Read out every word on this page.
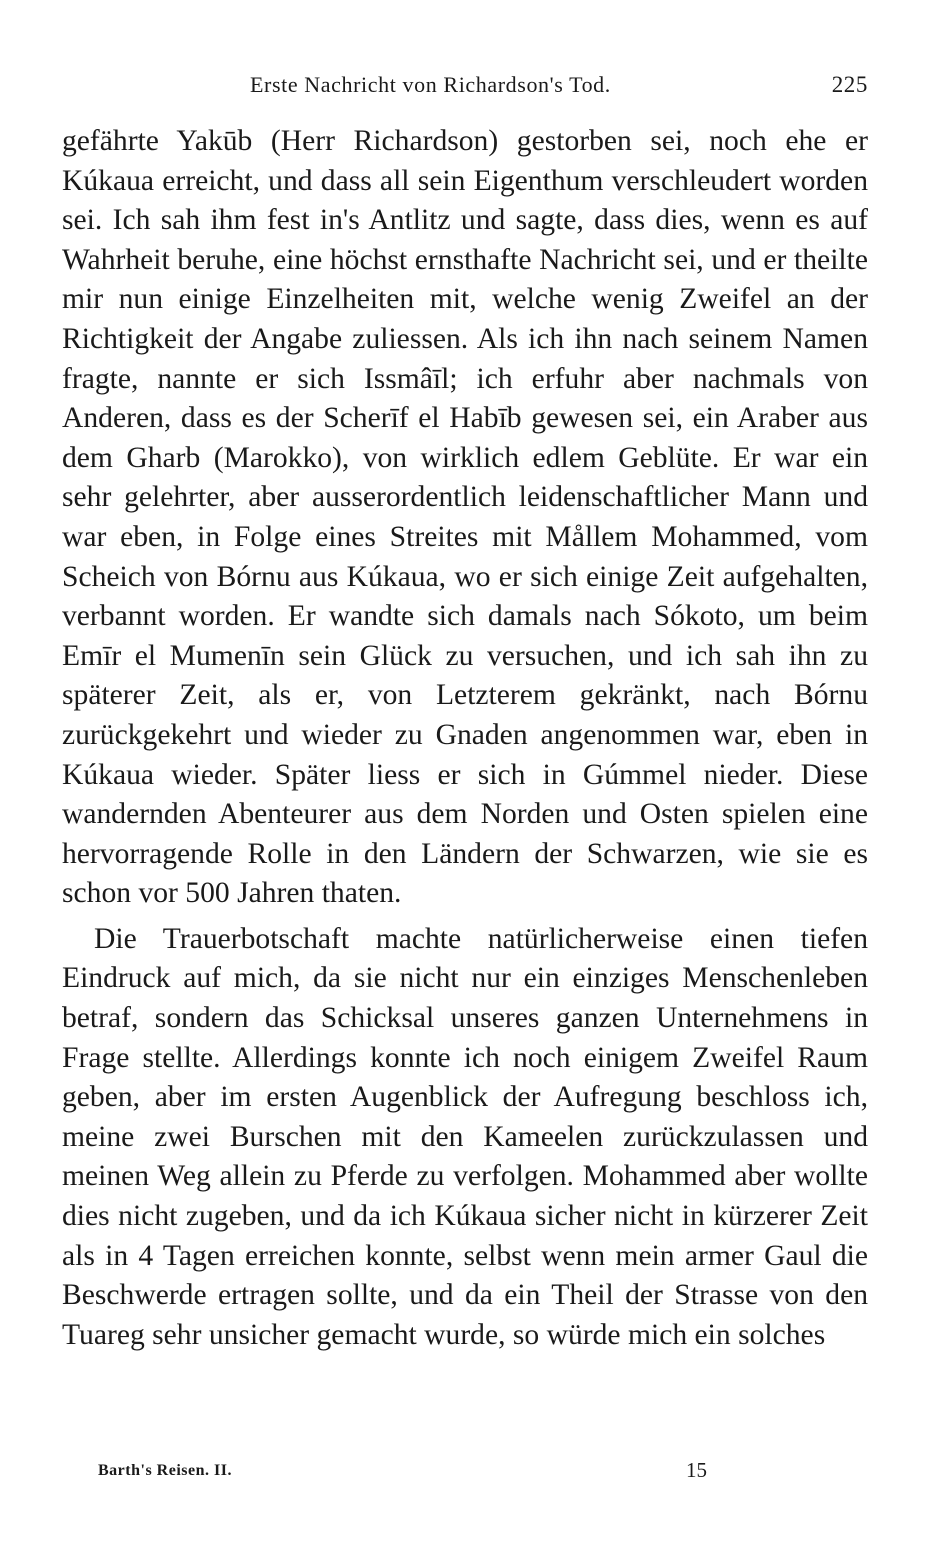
Erste Nachricht von Richardson's Tod.	225

gefährte Yakūb (Herr Richardson) gestorben sei, noch ehe er Kúkaua erreicht, und dass all sein Eigenthum verschleudert worden sei. Ich sah ihm fest in's Antlitz und sagte, dass dies, wenn es auf Wahrheit beruhe, eine höchst ernsthafte Nachricht sei, und er theilte mir nun einige Einzelheiten mit, welche wenig Zweifel an der Richtigkeit der Angabe zuliessen. Als ich ihn nach seinem Namen fragte, nannte er sich Issmâīl; ich erfuhr aber nachmals von Anderen, dass es der Scherīf el Habīb gewesen sei, ein Araber aus dem Gharb (Marokko), von wirklich edlem Geblüte. Er war ein sehr gelehrter, aber ausserordentlich leidenschaftlicher Mann und war eben, in Folge eines Streites mit Mållem Mohammed, vom Scheich von Bórnu aus Kúkaua, wo er sich einige Zeit aufgehalten, verbannt worden. Er wandte sich damals nach Sókoto, um beim Emīr el Mumenīn sein Glück zu versuchen, und ich sah ihn zu späterer Zeit, als er, von Letzterem gekränkt, nach Bórnu zurückgekehrt und wieder zu Gnaden angenommen war, eben in Kúkaua wieder. Später liess er sich in Gúmmel nieder. Diese wandernden Abenteurer aus dem Norden und Osten spielen eine hervorragende Rolle in den Ländern der Schwarzen, wie sie es schon vor 500 Jahren thaten.

Die Trauerbotschaft machte natürlicherweise einen tiefen Eindruck auf mich, da sie nicht nur ein einziges Menschenleben betraf, sondern das Schicksal unseres ganzen Unternehmens in Frage stellte. Allerdings konnte ich noch einigem Zweifel Raum geben, aber im ersten Augenblick der Aufregung beschloss ich, meine zwei Burschen mit den Kameelen zurückzulassen und meinen Weg allein zu Pferde zu verfolgen. Mohammed aber wollte dies nicht zugeben, und da ich Kúkaua sicher nicht in kürzerer Zeit als in 4 Tagen erreichen konnte, selbst wenn mein armer Gaul die Beschwerde ertragen sollte, und da ein Theil der Strasse von den Tuareg sehr unsicher gemacht wurde, so würde mich ein solches

Barth's Reisen. II.	15
